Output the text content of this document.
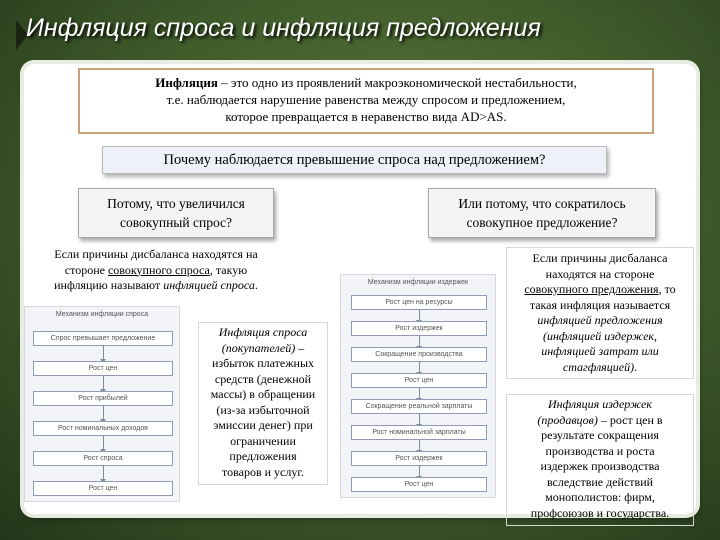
Инфляция спроса и инфляция предложения
Инфляция – это одно из проявлений макроэкономической нестабильности,
т.е. наблюдается нарушение равенства между спросом и предложением,
которое превращается в неравенство вида AD>AS.
Почему наблюдается превышение спроса над предложением?
Потому, что увеличился
совокупный спрос?
Или потому, что сократилось
совокупное предложение?
Если причины дисбаланса находятся на
стороне совокупного спроса, такую
инфляцию называют инфляцией спроса.
Если причины дисбаланса
находятся на стороне
совокупного предложения, то
такая инфляция называется
инфляцией предложения
(инфляцией издержек,
инфляцией затрат или
стагфляцией).
Инфляция спроса
(покупателей) –
избыток платежных
средств (денежной
массы) в обращении
(из-за избыточной
эмиссии денег) при
ограничении
предложения
товаров и услуг.
Инфляция издержек
(продавцов) – рост цен в
результате сокращения
производства и роста
издержек производства
вследствие действий
монополистов: фирм,
профсоюзов и государства.
Механизм инфляции спроса
Спрос превышает предложение
Рост цен
Рост прибылей
Рост номинальных доходов
Рост спроса
Рост цен
Механизм инфляции издержек
Рост цен на ресурсы
Рост издержек
Сокращение производства
Рост цен
Сокращение реальной зарплаты
Рост номинальной зарплаты
Рост издержек
Рост цен
